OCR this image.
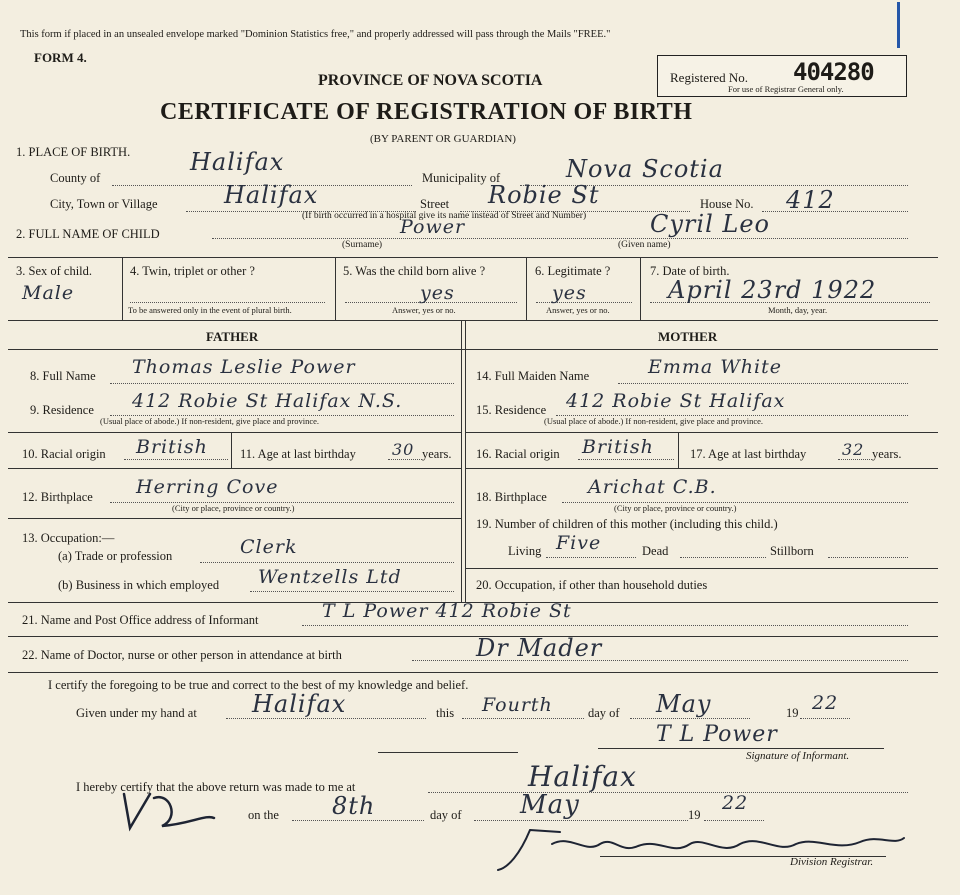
This form if placed in an unsealed envelope marked "Dominion Statistics free," and properly addressed will pass through the Mails "FREE."
FORM 4.
PROVINCE OF NOVA SCOTIA
CERTIFICATE OF REGISTRATION OF BIRTH
(BY PARENT OR GUARDIAN)
Registered No. 404280
For use of Registrar General only.
1. PLACE OF BIRTH.
County of
Halifax
Municipality of	Nova Scotia
City, Town or Village	Halifax	Street Robie St	House No. 412
(If birth occurred in a hospital give its name instead of Street and Number)
2. FULL NAME OF CHILD	Power	Cyril Leo
(Surname)	(Given name)
3. Sex of child.
Male
4. Twin, triplet or other ?
To be answered only in the event of plural birth.
5. Was the child born alive ?
yes
Answer, yes or no.
6. Legitimate ?
yes
Answer, yes or no.
7. Date of birth.
April 23rd 1922
Month, day, year.
FATHER	MOTHER
8. Full Name Thomas Leslie Power
9. Residence 412 Robie St Halifax N.S.
(Usual place of abode.) If non-resident, give place and province.
10. Racial origin British	11. Age at last birthday 30 years.
12. Birthplace Herring Cove
(City or place, province or country.)
13. Occupation:—
(a) Trade or profession	Clerk
(b) Business in which employed Wentzells Ltd
14. Full Maiden Name	Emma White
15. Residence 412 Robie St Halifax
(Usual place of abode.) If non-resident, give place and province.
16. Racial origin British	17. Age at last birthday 32 years.
18. Birthplace Arichat C.B.
(City or place, province or country.)
19. Number of children of this mother (including this child.)
Living Five	Dead	Stillborn
20. Occupation, if other than household duties
21. Name and Post Office address of Informant	T L Power 412 Robie St
22. Name of Doctor, nurse or other person in attendance at birth	Dr Mader
I certify the foregoing to be true and correct to the best of my knowledge and belief.
Given under my hand at Halifax	this Fourth	day of May	19 22
T L Power
Signature of Informant.
I hereby certify that the above return was made to me at	Halifax
on the 8th	day of May	19
22
Division Registrar.
